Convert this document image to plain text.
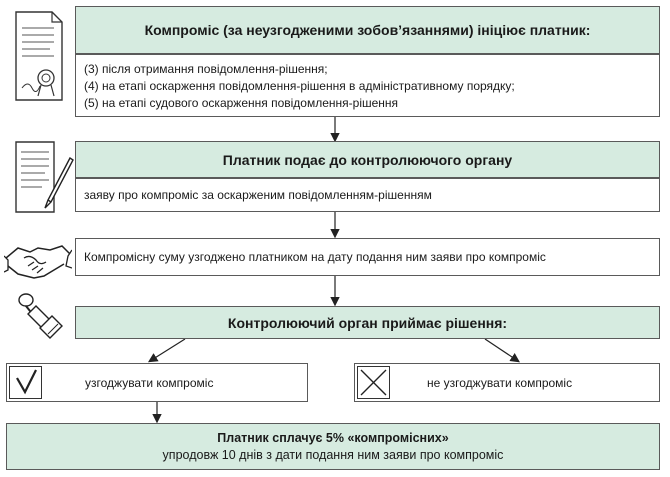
Компроміс (за неузгодженими зобов’язаннями) ініціює платник:
(3) після отримання повідомлення-рішення;
(4) на етапі оскарження повідомлення-рішення в адміністративному порядку;
(5) на етапі судового оскарження повідомлення-рішення
Платник подає до контролюючого органу
заяву про компроміс за оскарженим повідомленням-рішенням
Компромісну суму узгоджено платником на дату подання ним заяви про компроміс
Контролюючий орган приймає рішення:
узгоджувати компроміс	не узгоджувати компроміс
Платник сплачує 5% «компромісних»
упродовж 10 днів з дати подання ним заяви про компроміс
